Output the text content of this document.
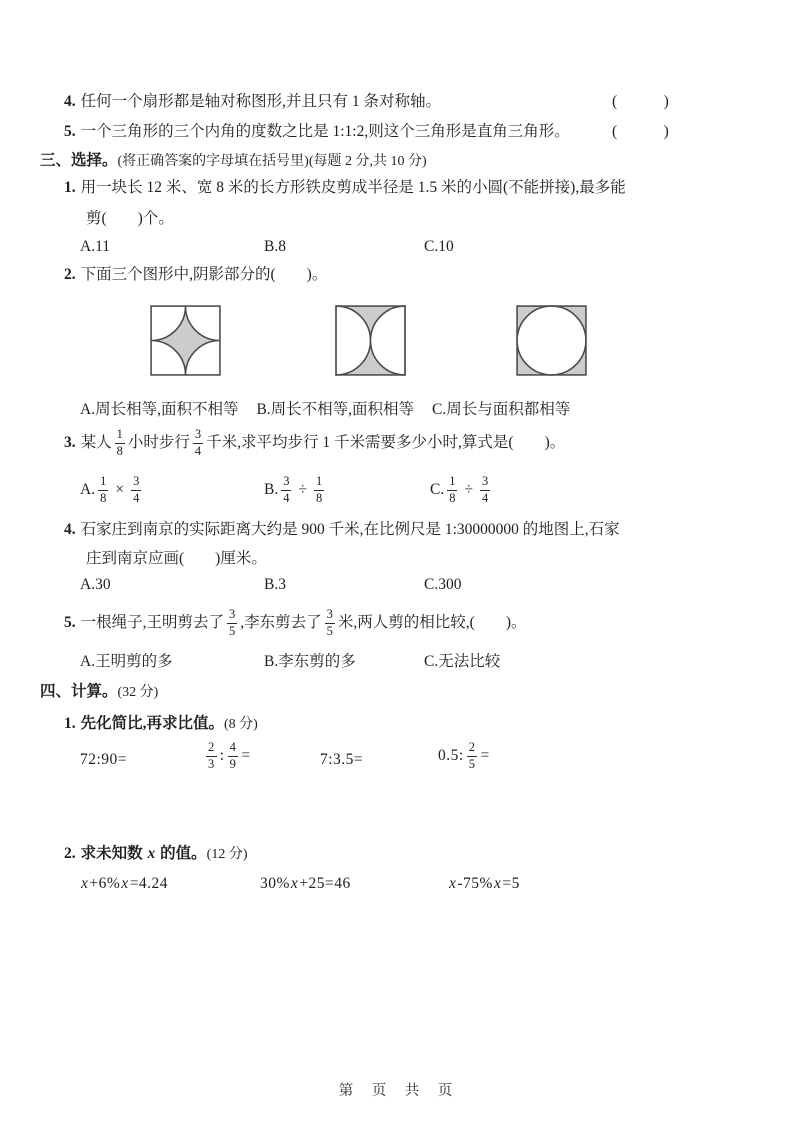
4. 任何一个扇形都是轴对称图形,并且只有 1 条对称轴。	(　　　)
5. 一个三角形的三个内角的度数之比是 1:1:2,则这个三角形是直角三角形。	(　　　)
三、选择。(将正确答案的字母填在括号里)(每题 2 分,共 10 分)
1. 用一块长 12 米、宽 8 米的长方形铁皮剪成半径是 1.5 米的小圆(不能拼接),最多能
剪(　　)个。
A.11	B.8	C.10
2. 下面三个图形中,阴影部分的(　　)。
A.周长相等,面积不相等 B.周长不相等,面积相等 C.周长与面积都相等
3. 某人 $\frac{1}{8}$ 小时步行 $\frac{3}{4}$ 千米,求平均步行 1 千米需要多少小时,算式是(　　)。
A. $\frac{1}{8} \times \frac{3}{4}$	B. $\frac{3}{4} \div \frac{1}{8}$	C. $\frac{1}{8} \div \frac{3}{4}$
4. 石家庄到南京的实际距离大约是 900 千米,在比例尺是 1:30000000 的地图上,石家
庄到南京应画(　　)厘米。
A.30	B.3	C.300
5. 一根绳子,王明剪去了 $\frac{3}{5}$ ,李东剪去了 $\frac{3}{5}$ 米,两人剪的相比较,(　　)。
A.王明剪的多	B.李东剪的多	C.无法比较
四、计算。(32 分)
1. 先化简比,再求比值。(8 分)
72:90=	$\frac{2}{3}$ : $\frac{4}{9}$ =	7:3.5=	0.5: $\frac{2}{5}$ =
2. 求未知数 x 的值。(12 分)
x+6%x=4.24	30%x+25=46	x-75%x=5
第　页　共　页
